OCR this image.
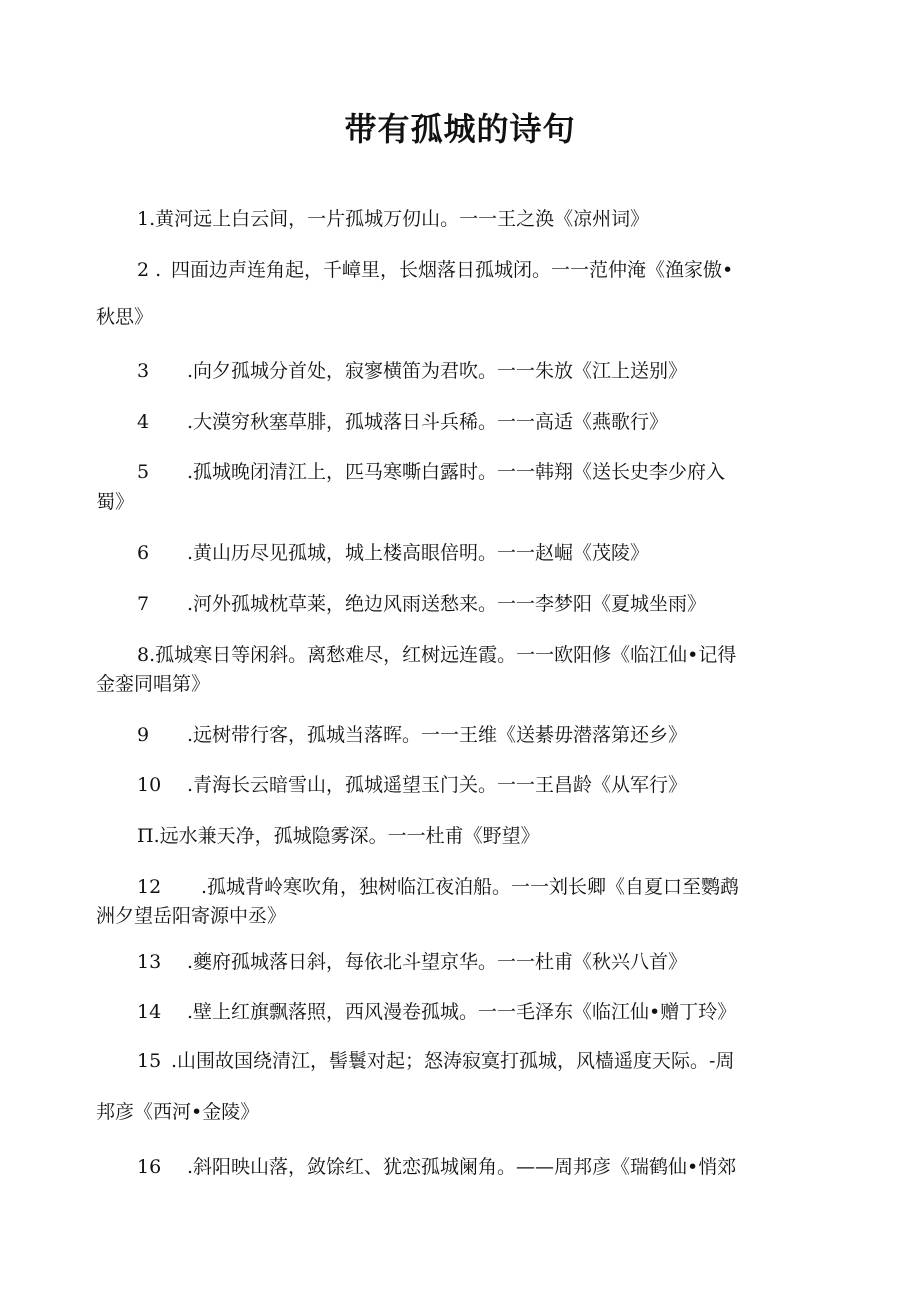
带有孤城的诗句
1.黄河远上白云间，一片孤城万仞山。一一王之涣《凉州词》
2 . 四面边声连角起，千嶂里，长烟落日孤城闭。一一范仲淹《渔家傲•
秋思》
3 .向夕孤城分首处，寂寥横笛为君吹。一一朱放《江上送别》
4 .大漠穷秋塞草腓，孤城落日斗兵稀。一一高适《燕歌行》
5 .孤城晚闭清江上，匹马寒嘶白露时。一一韩翔《送长史李少府入
蜀》
6 .黄山历尽见孤城，城上楼高眼倍明。一一赵崛《茂陵》
7 .河外孤城枕草莱，绝边风雨送愁来。一一李梦阳《夏城坐雨》
8.孤城寒日等闲斜。离愁难尽，红树远连霞。一一欧阳修《临江仙•记得
金銮同唱第》
9 .远树带行客，孤城当落晖。一一王维《送綦毋潜落第还乡》
10 .青海长云暗雪山，孤城遥望玉门关。一一王昌龄《从军行》
Π.远水兼天净，孤城隐雾深。一一杜甫《野望》
12 .孤城背岭寒吹角，独树临江夜泊船。一一刘长卿《自夏口至鹦鹉
洲夕望岳阳寄源中丞》
13 .夔府孤城落日斜，每依北斗望京华。一一杜甫《秋兴八首》
14 .壁上红旗飘落照，西风漫卷孤城。一一毛泽东《临江仙•赠丁玲》
15 .山围故国绕清江，髻鬟对起；怒涛寂寞打孤城，风樯遥度天际。-周
邦彦《西河•金陵》
16 .斜阳映山落，敛馀红、犹恋孤城阑角。——周邦彦《瑞鹤仙•悄郊
